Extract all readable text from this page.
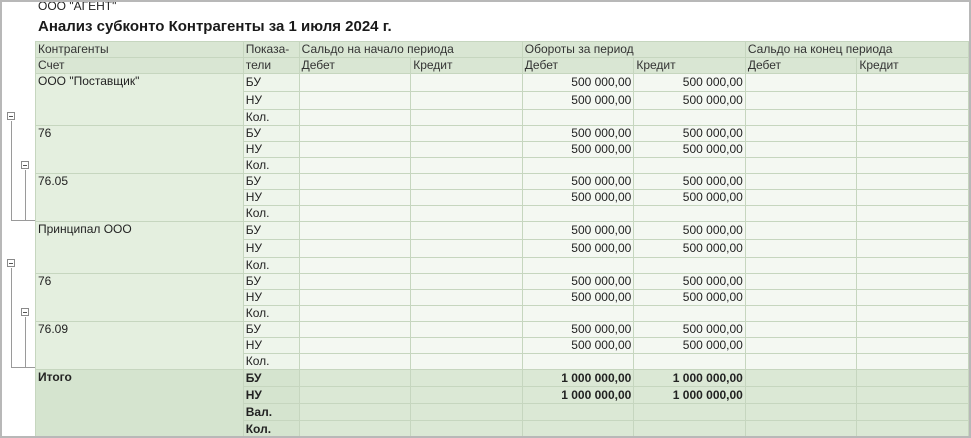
ООО "АГЕНТ"
Анализ субконто Контрагенты за 1 июля 2024 г.
Контрагенты	Показа-	Сальдо на начало периода		Обороты за период		Сальдо на конец периода	
Счет	тели	Дебет	Кредит	Дебет	Кредит	Дебет	Кредит
ООО "Поставщик"	БУ			500 000,00	500 000,00		
	НУ			500 000,00	500 000,00		
	Кол.						
76	БУ			500 000,00	500 000,00		
	НУ			500 000,00	500 000,00		
	Кол.						
76.05	БУ			500 000,00	500 000,00		
	НУ			500 000,00	500 000,00		
	Кол.						
Принципал ООО	БУ			500 000,00	500 000,00		
	НУ			500 000,00	500 000,00		
	Кол.						
76	БУ			500 000,00	500 000,00		
	НУ			500 000,00	500 000,00		
	Кол.						
76.09	БУ			500 000,00	500 000,00		
	НУ			500 000,00	500 000,00		
	Кол.						
Итого	БУ			1 000 000,00	1 000 000,00		
	НУ			1 000 000,00	1 000 000,00		
	Вал.						
	Кол.						
